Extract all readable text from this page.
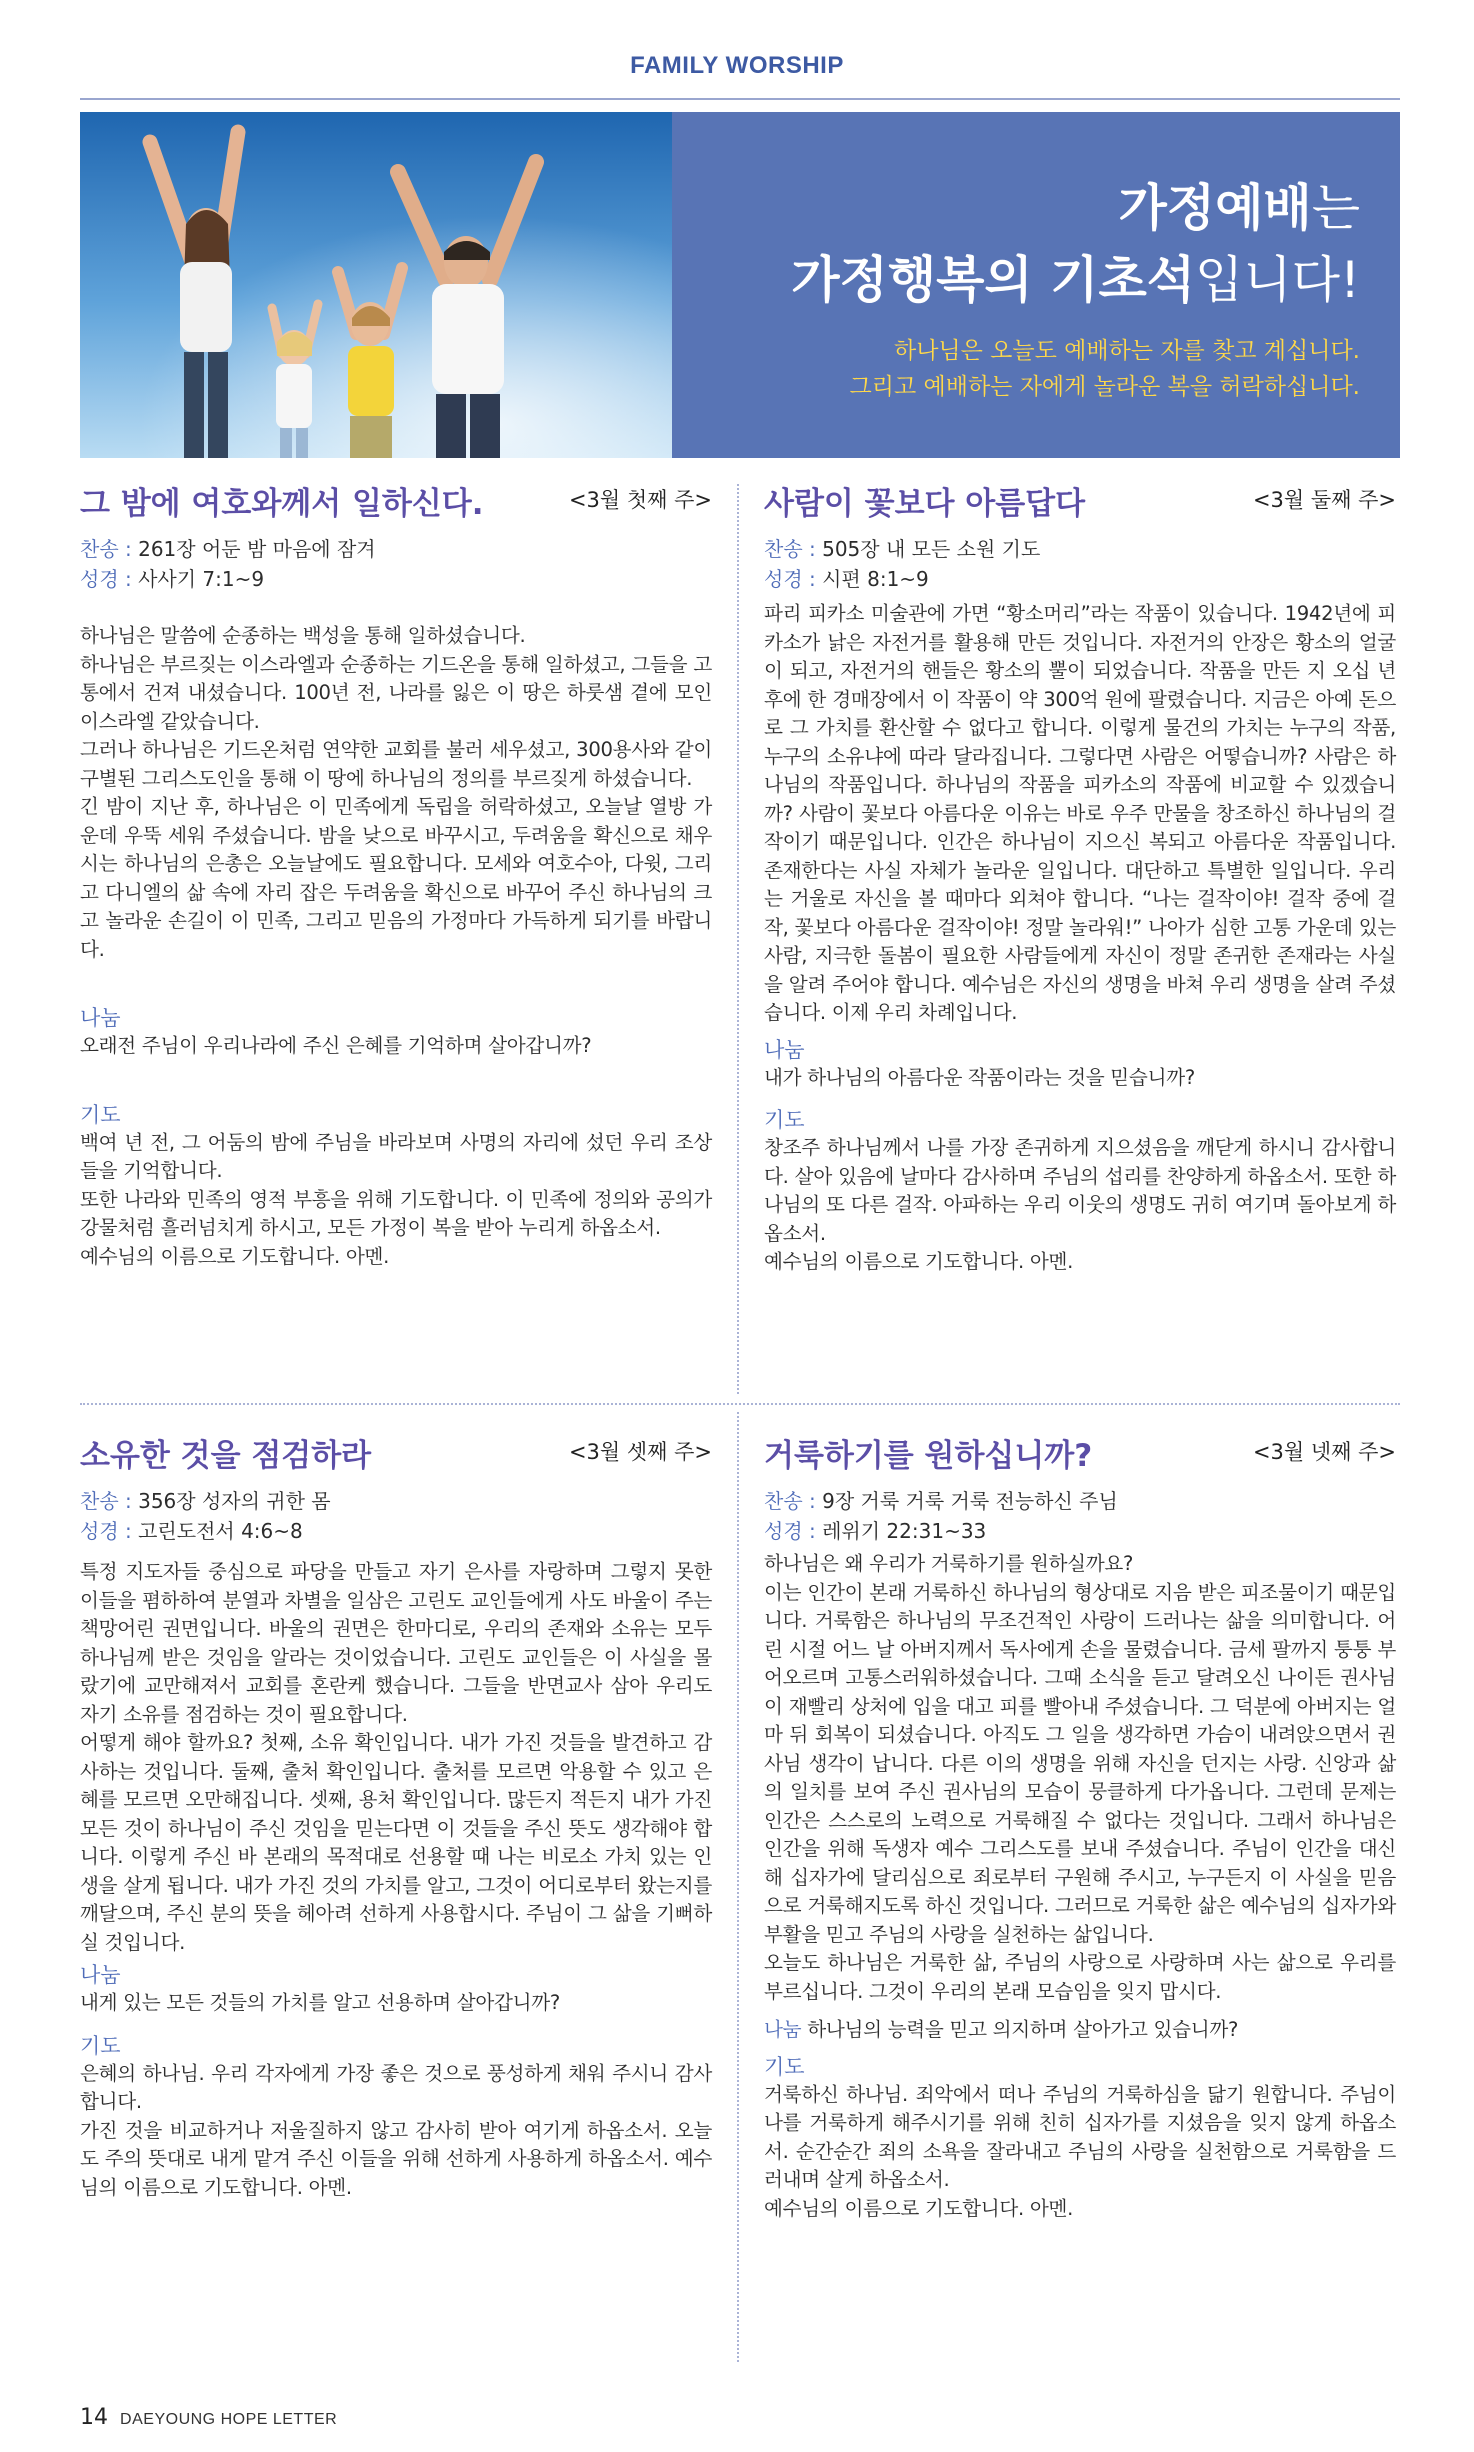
FAMILY WORSHIP
가정예배는
가정행복의 기초석입니다!
하나님은 오늘도 예배하는 자를 찾고 계십니다.
그리고 예배하는 자에게 놀라운 복을 허락하십니다.
그 밤에 여호와께서 일하신다.	<3월 첫째 주>
찬송 : 261장 어둔 밤 마음에 잠겨
성경 : 사사기 7:1~9
하나님은 말씀에 순종하는 백성을 통해 일하셨습니다.
하나님은 부르짖는 이스라엘과 순종하는 기드온을 통해 일하셨고, 그들을 고통에서 건져 내셨습니다. 100년 전, 나라를 잃은 이 땅은 하룻샘 곁에 모인 이스라엘 같았습니다.
그러나 하나님은 기드온처럼 연약한 교회를 불러 세우셨고, 300용사와 같이 구별된 그리스도인을 통해 이 땅에 하나님의 정의를 부르짖게 하셨습니다.
긴 밤이 지난 후, 하나님은 이 민족에게 독립을 허락하셨고, 오늘날 열방 가운데 우뚝 세워 주셨습니다. 밤을 낮으로 바꾸시고, 두려움을 확신으로 채우시는 하나님의 은총은 오늘날에도 필요합니다. 모세와 여호수아, 다윗, 그리고 다니엘의 삶 속에 자리 잡은 두려움을 확신으로 바꾸어 주신 하나님의 크고 놀라운 손길이 이 민족, 그리고 믿음의 가정마다 가득하게 되기를 바랍니다.
나눔
오래전 주님이 우리나라에 주신 은혜를 기억하며 살아갑니까?
기도
백여 년 전, 그 어둠의 밤에 주님을 바라보며 사명의 자리에 섰던 우리 조상들을 기억합니다.
또한 나라와 민족의 영적 부흥을 위해 기도합니다. 이 민족에 정의와 공의가 강물처럼 흘러넘치게 하시고, 모든 가정이 복을 받아 누리게 하옵소서.
예수님의 이름으로 기도합니다. 아멘.
사람이 꽃보다 아름답다	<3월 둘째 주>
찬송 : 505장 내 모든 소원 기도
성경 : 시편 8:1~9
파리 피카소 미술관에 가면 “황소머리”라는 작품이 있습니다. 1942년에 피카소가 낡은 자전거를 활용해 만든 것입니다. 자전거의 안장은 황소의 얼굴이 되고, 자전거의 핸들은 황소의 뿔이 되었습니다. 작품을 만든 지 오십 년 후에 한 경매장에서 이 작품이 약 300억 원에 팔렸습니다. 지금은 아예 돈으로 그 가치를 환산할 수 없다고 합니다. 이렇게 물건의 가치는 누구의 작품, 누구의 소유냐에 따라 달라집니다. 그렇다면 사람은 어떻습니까? 사람은 하나님의 작품입니다. 하나님의 작품을 피카소의 작품에 비교할 수 있겠습니까? 사람이 꽃보다 아름다운 이유는 바로 우주 만물을 창조하신 하나님의 걸작이기 때문입니다. 인간은 하나님이 지으신 복되고 아름다운 작품입니다. 존재한다는 사실 자체가 놀라운 일입니다. 대단하고 특별한 일입니다. 우리는 거울로 자신을 볼 때마다 외쳐야 합니다. “나는 걸작이야! 걸작 중에 걸작, 꽃보다 아름다운 걸작이야! 정말 놀라워!” 나아가 심한 고통 가운데 있는 사람, 지극한 돌봄이 필요한 사람들에게 자신이 정말 존귀한 존재라는 사실을 알려 주어야 합니다. 예수님은 자신의 생명을 바쳐 우리 생명을 살려 주셨습니다. 이제 우리 차례입니다.
나눔
내가 하나님의 아름다운 작품이라는 것을 믿습니까?
기도
창조주 하나님께서 나를 가장 존귀하게 지으셨음을 깨닫게 하시니 감사합니다. 살아 있음에 날마다 감사하며 주님의 섭리를 찬양하게 하옵소서. 또한 하나님의 또 다른 걸작. 아파하는 우리 이웃의 생명도 귀히 여기며 돌아보게 하옵소서.
예수님의 이름으로 기도합니다. 아멘.
소유한 것을 점검하라	<3월 셋째 주>
찬송 : 356장 성자의 귀한 몸
성경 : 고린도전서 4:6~8
특정 지도자들 중심으로 파당을 만들고 자기 은사를 자랑하며 그렇지 못한 이들을 폄하하여 분열과 차별을 일삼은 고린도 교인들에게 사도 바울이 주는 책망어린 권면입니다. 바울의 권면은 한마디로, 우리의 존재와 소유는 모두 하나님께 받은 것임을 알라는 것이었습니다. 고린도 교인들은 이 사실을 몰랐기에 교만해져서 교회를 혼란케 했습니다. 그들을 반면교사 삼아 우리도 자기 소유를 점검하는 것이 필요합니다.
어떻게 해야 할까요? 첫째, 소유 확인입니다. 내가 가진 것들을 발견하고 감사하는 것입니다. 둘째, 출처 확인입니다. 출처를 모르면 악용할 수 있고 은혜를 모르면 오만해집니다. 셋째, 용처 확인입니다. 많든지 적든지 내가 가진 모든 것이 하나님이 주신 것임을 믿는다면 이 것들을 주신 뜻도 생각해야 합니다. 이렇게 주신 바 본래의 목적대로 선용할 때 나는 비로소 가치 있는 인생을 살게 됩니다. 내가 가진 것의 가치를 알고, 그것이 어디로부터 왔는지를 깨달으며, 주신 분의 뜻을 헤아려 선하게 사용합시다. 주님이 그 삶을 기뻐하실 것입니다.
나눔
내게 있는 모든 것들의 가치를 알고 선용하며 살아갑니까?
기도
은혜의 하나님. 우리 각자에게 가장 좋은 것으로 풍성하게 채워 주시니 감사합니다.
가진 것을 비교하거나 저울질하지 않고 감사히 받아 여기게 하옵소서. 오늘도 주의 뜻대로 내게 맡겨 주신 이들을 위해 선하게 사용하게 하옵소서. 예수님의 이름으로 기도합니다. 아멘.
거룩하기를 원하십니까?	<3월 넷째 주>
찬송 : 9장 거룩 거룩 거룩 전능하신 주님
성경 : 레위기 22:31~33
하나님은 왜 우리가 거룩하기를 원하실까요?
이는 인간이 본래 거룩하신 하나님의 형상대로 지음 받은 피조물이기 때문입니다. 거룩함은 하나님의 무조건적인 사랑이 드러나는 삶을 의미합니다. 어린 시절 어느 날 아버지께서 독사에게 손을 물렸습니다. 금세 팔까지 퉁퉁 부어오르며 고통스러워하셨습니다. 그때 소식을 듣고 달려오신 나이든 권사님이 재빨리 상처에 입을 대고 피를 빨아내 주셨습니다. 그 덕분에 아버지는 얼마 뒤 회복이 되셨습니다. 아직도 그 일을 생각하면 가슴이 내려앉으면서 권사님 생각이 납니다. 다른 이의 생명을 위해 자신을 던지는 사랑. 신앙과 삶의 일치를 보여 주신 권사님의 모습이 뭉클하게 다가옵니다. 그런데 문제는 인간은 스스로의 노력으로 거룩해질 수 없다는 것입니다. 그래서 하나님은 인간을 위해 독생자 예수 그리스도를 보내 주셨습니다. 주님이 인간을 대신해 십자가에 달리심으로 죄로부터 구원해 주시고, 누구든지 이 사실을 믿음으로 거룩해지도록 하신 것입니다. 그러므로 거룩한 삶은 예수님의 십자가와 부활을 믿고 주님의 사랑을 실천하는 삶입니다.
오늘도 하나님은 거룩한 삶, 주님의 사랑으로 사랑하며 사는 삶으로 우리를 부르십니다. 그것이 우리의 본래 모습임을 잊지 맙시다.
나눔 하나님의 능력을 믿고 의지하며 살아가고 있습니까?
기도
거룩하신 하나님. 죄악에서 떠나 주님의 거룩하심을 닮기 원합니다. 주님이 나를 거룩하게 해주시기를 위해 친히 십자가를 지셨음을 잊지 않게 하옵소서. 순간순간 죄의 소욕을 잘라내고 주님의 사랑을 실천함으로 거룩함을 드러내며 살게 하옵소서.
예수님의 이름으로 기도합니다. 아멘.
14 DAEYOUNG HOPE LETTER
